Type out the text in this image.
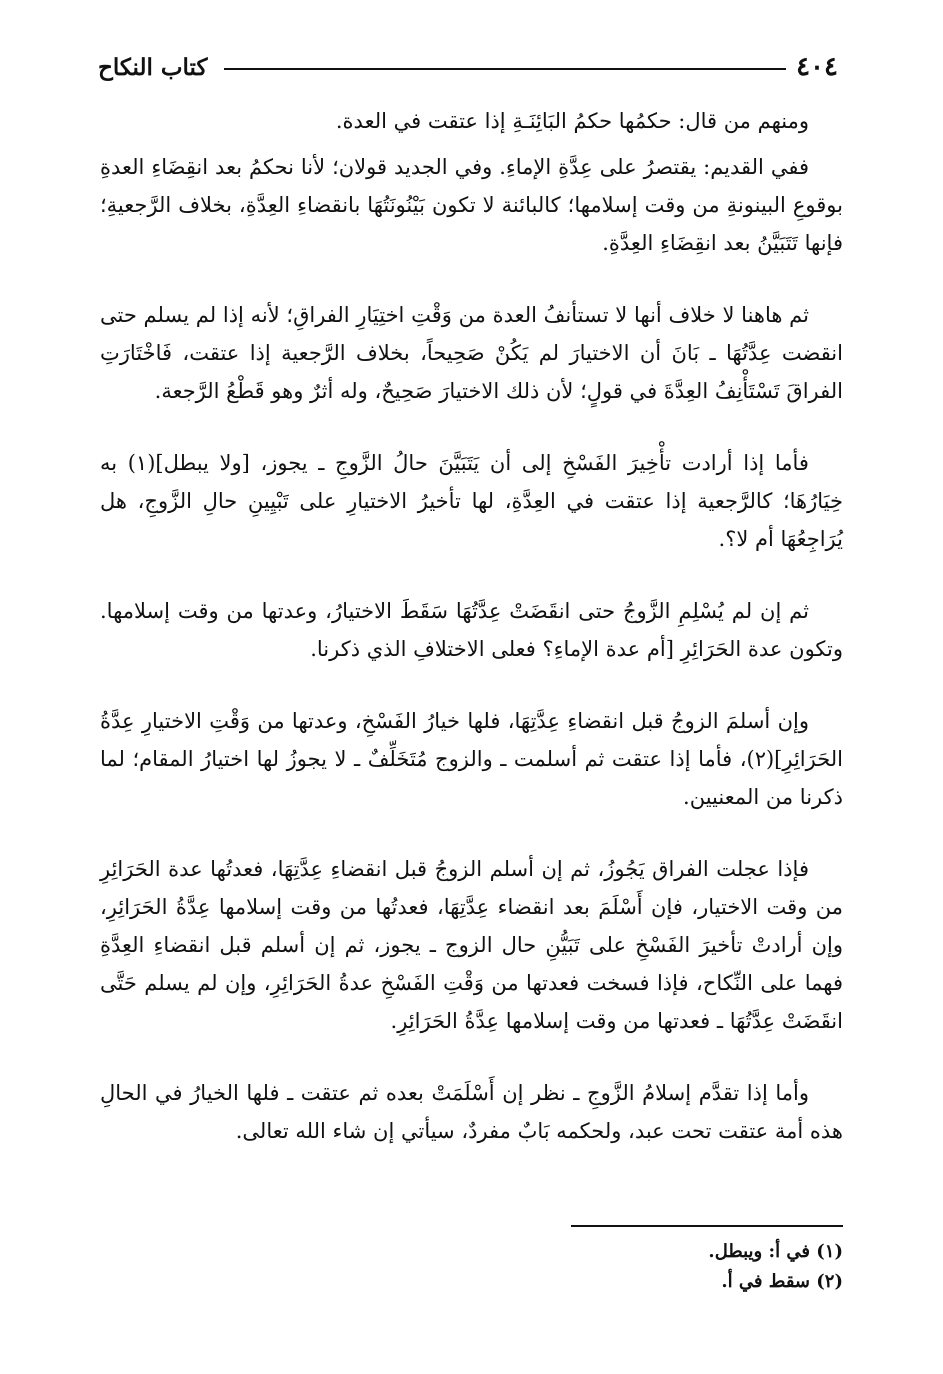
٤٠٤
كتاب النكاح

ومنهم من قال: حكمُها حكمُ البَائِنَـةِ إذا عتقت في العدة.

ففي القديم: يقتصرُ على عِدَّةِ الإماءِ. وفي الجديد قولان؛ لأنا نحكمُ بعد انقِضَاءِ العدةِ بوقوعِ البينونةِ من وقت إسلامها؛ كالبائنة لا تكون بَيْنُونَتُهَا بانقضاءِ العِدَّةِ، بخلاف الرَّجعيةِ؛ فإنها تَتَبَيَّنُ بعد انقِضَاءِ العِدَّةِ.

ثم هاهنا لا خلاف أنها لا تستأنفُ العدة من وَقْتِ اختِيَارِ الفراقِ؛ لأنه إذا لم يسلم حتى انقضت عِدَّتُهَا ـ بَانَ أن الاختيارَ لم يَكُنْ صَحِيحاً، بخلاف الرَّجعية إذا عتقت، فَاخْتَارَتِ الفراقَ تَسْتَأْنِفُ العِدَّةَ في قولٍ؛ لأن ذلك الاختيارَ صَحِيحٌ، وله أثرٌ وهو قَطْعُ الرَّجعة.

فأما إذا أرادت تأْخِيرَ الفَسْخِ إلى أن يَتَبَيَّنَ حالُ الزَّوجِ ـ يجوز، [ولا يبطل](١) به خِيَارُهَا؛ كالرَّجعية إذا عتقت في العِدَّةِ، لها تأخيرُ الاختيارِ على تَبْيِينِ حالِ الزَّوجِ، هل يُرَاجِعُهَا أم لا؟.

ثم إن لم يُسْلِمِ الزَّوجُ حتى انقَضَتْ عِدَّتُهَا سَقَطَ الاختيارُ، وعدتها من وقت إسلامها. وتكون عدة الحَرَائِرِ [أم عدة الإماءِ؟ فعلى الاختلافِ الذي ذكرنا.

وإن أسلمَ الزوجُ قبل انقضاءِ عِدَّتِهَا، فلها خيارُ الفَسْخِ، وعدتها من وَقْتِ الاختيارِ عِدَّةُ الحَرَائِرِ](٢)، فأما إذا عتقت ثم أسلمت ـ والزوج مُتَخَلِّفٌ ـ لا يجوزُ لها اختيارُ المقام؛ لما ذكرنا من المعنيين.

فإذا عجلت الفراق يَجُوزُ، ثم إن أسلم الزوجُ قبل انقضاءِ عِدَّتِهَا، فعدتُها عدة الحَرَائِرِ من وقت الاختيار، فإن أَسْلَمَ بعد انقضاء عِدَّتِهَا، فعدتُها من وقت إسلامها عِدَّةُ الحَرَائِرِ، وإن أرادتْ تأخيرَ الفَسْخِ على تَبَيُّنِ حال الزوج ـ يجوز، ثم إن أسلم قبل انقضاءِ العِدَّةِ فهما على النِّكاح، فإذا فسخت فعدتها من وَقْتِ الفَسْخِ عدةُ الحَرَائِرِ، وإن لم يسلم حَتَّى انقَضَتْ عِدَّتُهَا ـ فعدتها من وقت إسلامها عِدَّةُ الحَرَائِرِ.

وأما إذا تقدَّم إسلامُ الزَّوجِ ـ نظر إن أَسْلَمَتْ بعده ثم عتقت ـ فلها الخيارُ في الحالِ هذه أمة عتقت تحت عبد، ولحكمه بَابٌ مفردٌ، سيأتي إن شاء الله تعالى.

(١) في أ: ويبطل.

(٢) سقط في أ.
